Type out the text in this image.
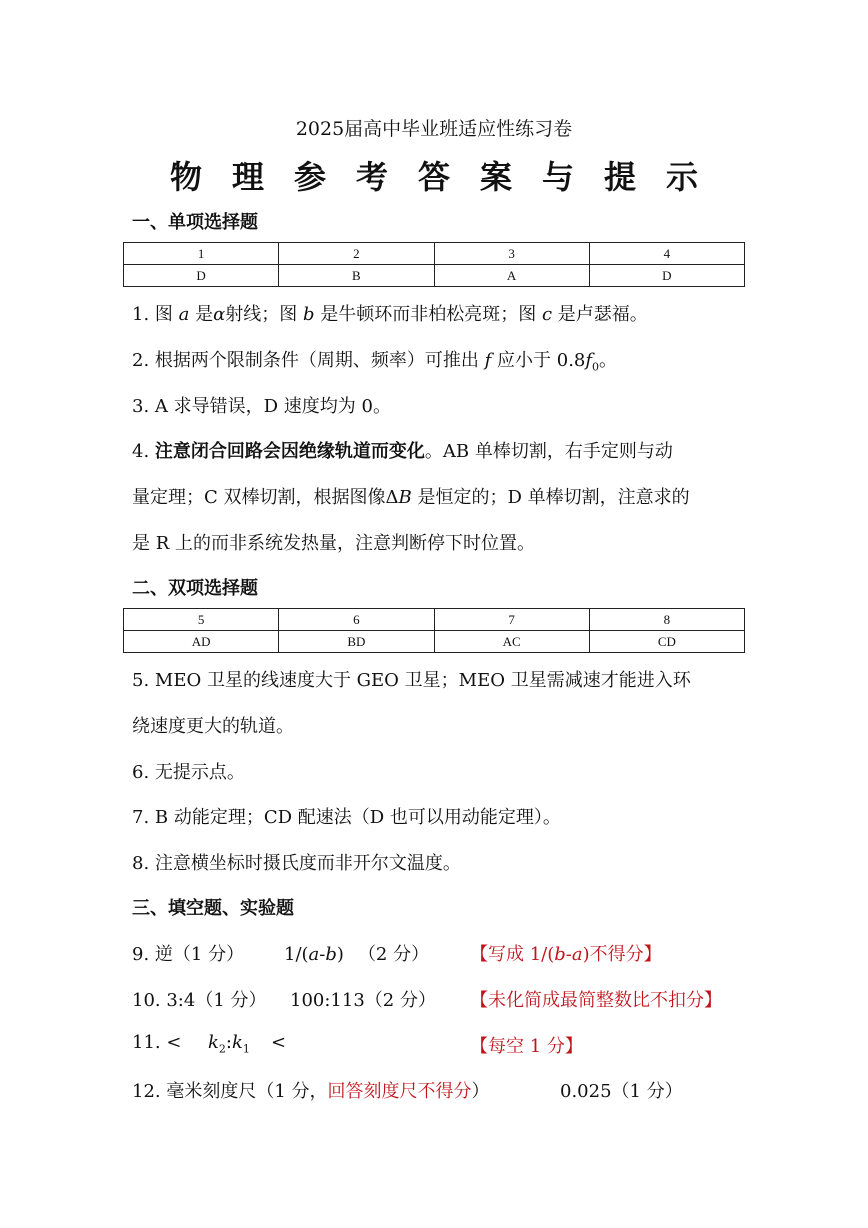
2025届高中毕业班适应性练习卷
物理参考答案与提示
一、单项选择题
1	2	3	4
D	B	A	D
1. 图 a 是α射线；图 b 是牛顿环而非柏松亮斑；图 c 是卢瑟福。
2. 根据两个限制条件（周期、频率）可推出 f 应小于 $0.8f_0$。
3. A 求导错误，D 速度均为 0。
4. 注意闭合回路会因绝缘轨道而变化。AB 单棒切割，右手定则与动
量定理；C 双棒切割，根据图像ΔB 是恒定的；D 单棒切割，注意求的
是 R 上的而非系统发热量，注意判断停下时位置。
二、双项选择题
5	6	7	8
AD	BD	AC	CD
5. MEO 卫星的线速度大于 GEO 卫星；MEO 卫星需减速才能进入环
绕速度更大的轨道。
6. 无提示点。
7. B 动能定理；CD 配速法（D 也可以用动能定理）。
8. 注意横坐标时摄氏度而非开尔文温度。
三、填空题、实验题
9. 逆（1 分） 1/(a-b) （2 分） 【写成 1/(b-a)不得分】
10. 3:4（1 分） 100:113（2 分） 【未化简成最简整数比不扣分】
11. < $k_2:k_1$ <	【每空 1 分】
12. 毫米刻度尺（1 分，回答刻度尺不得分）	0.025（1 分）
